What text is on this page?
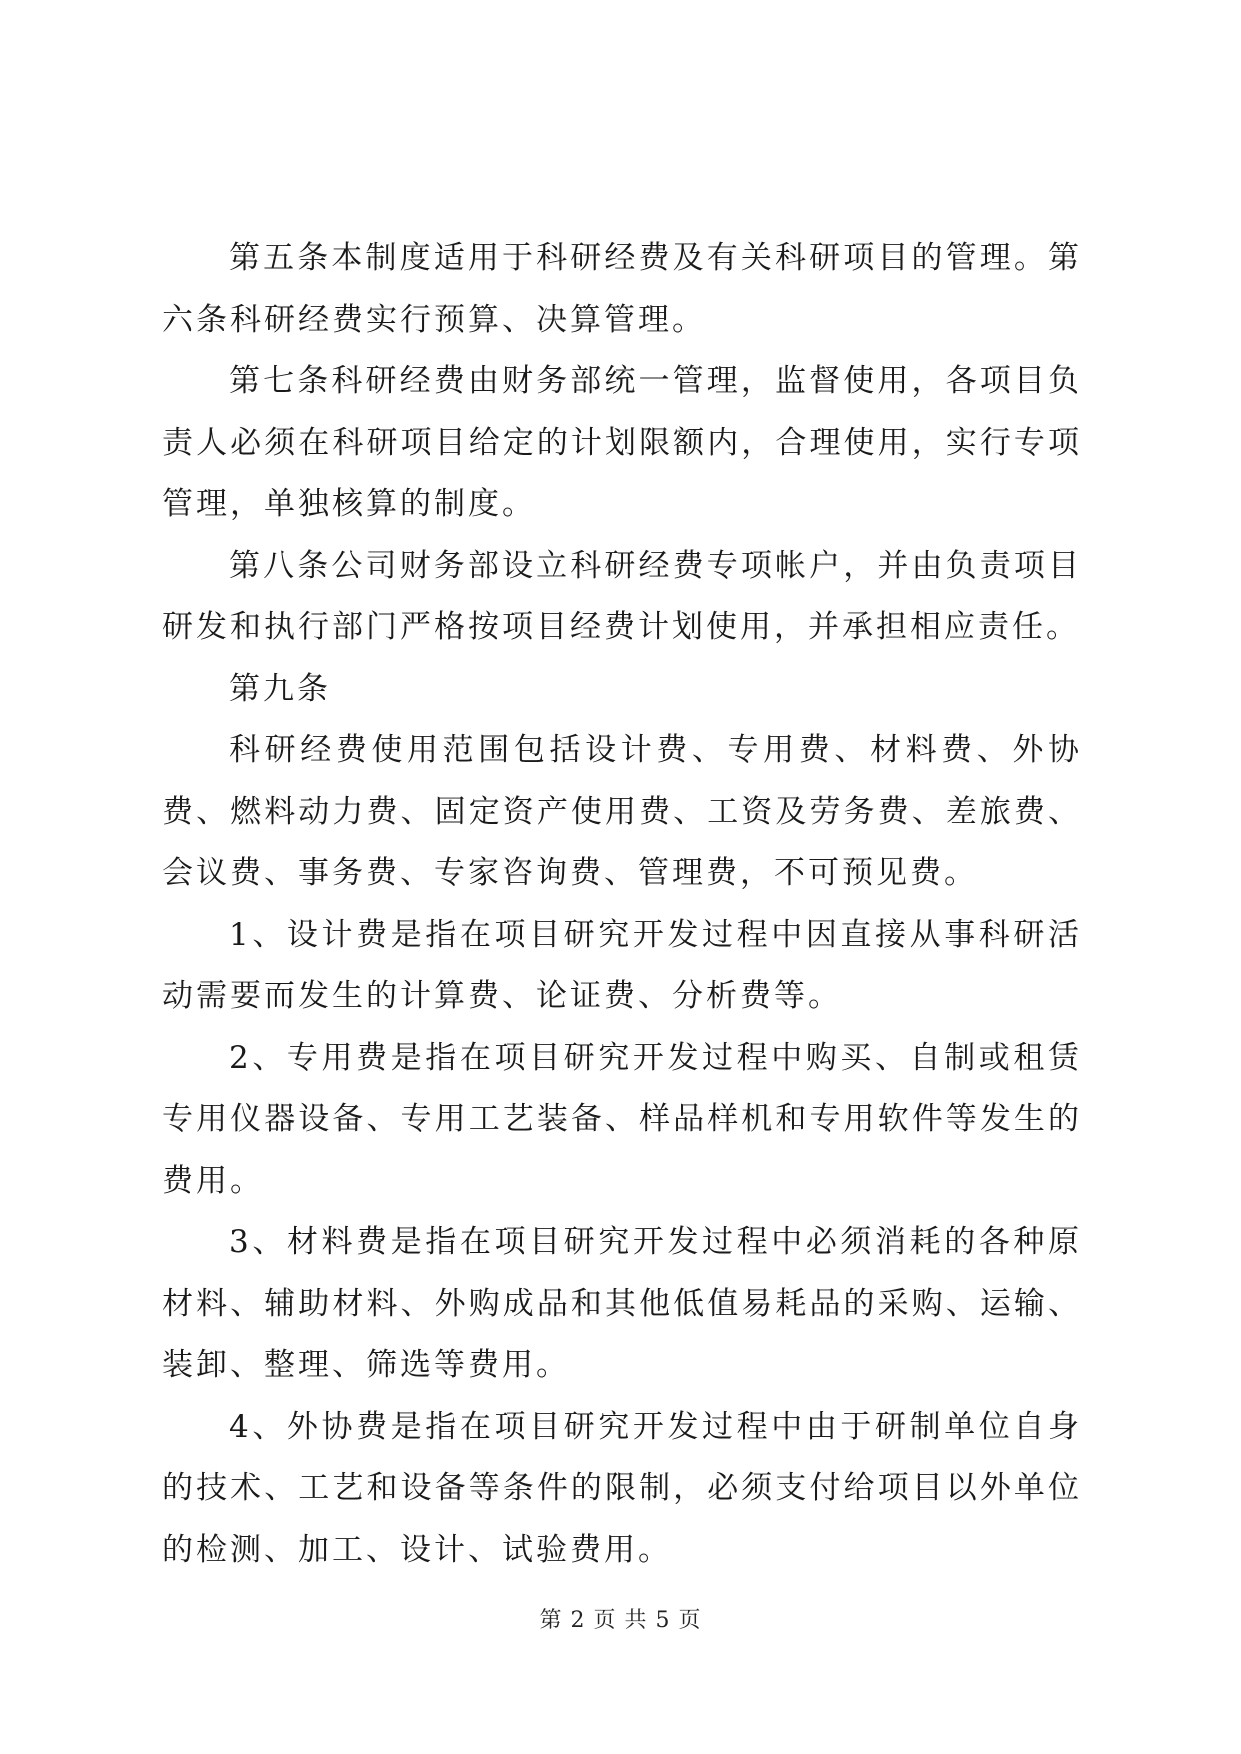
第五条本制度适用于科研经费及有关科研项目的管理。第六条科研经费实行预算、决算管理。

第七条科研经费由财务部统一管理，监督使用，各项目负责人必须在科研项目给定的计划限额内，合理使用，实行专项管理，单独核算的制度。

第八条公司财务部设立科研经费专项帐户，并由负责项目研发和执行部门严格按项目经费计划使用，并承担相应责任。

第九条

科研经费使用范围包括设计费、专用费、材料费、外协费、燃料动力费、固定资产使用费、工资及劳务费、差旅费、会议费、事务费、专家咨询费、管理费，不可预见费。

1、设计费是指在项目研究开发过程中因直接从事科研活动需要而发生的计算费、论证费、分析费等。

2、专用费是指在项目研究开发过程中购买、自制或租赁专用仪器设备、专用工艺装备、样品样机和专用软件等发生的费用。

3、材料费是指在项目研究开发过程中必须消耗的各种原材料、辅助材料、外购成品和其他低值易耗品的采购、运输、装卸、整理、筛选等费用。

4、外协费是指在项目研究开发过程中由于研制单位自身的技术、工艺和设备等条件的限制，必须支付给项目以外单位的检测、加工、设计、试验费用。

第 2 页 共 5 页
